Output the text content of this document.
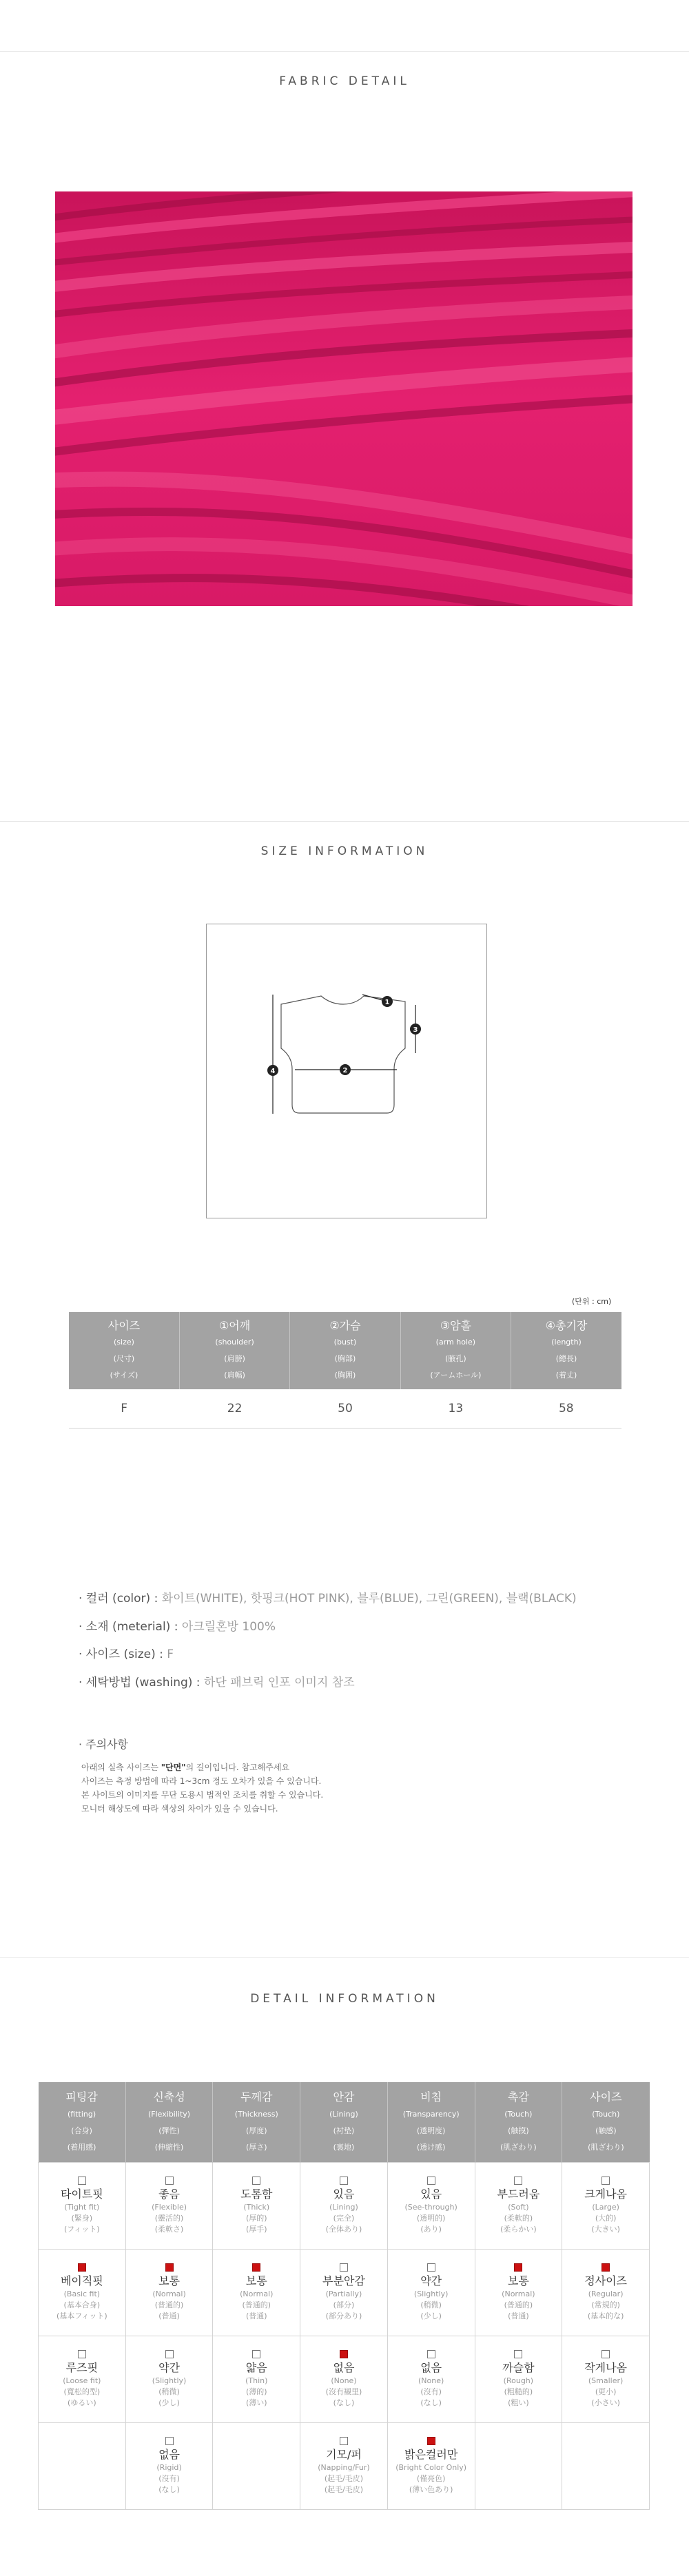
FABRIC DETAIL
SIZE INFORMATION
1
2
3
4
(단위 : cm)
사이즈
(size)
(尺寸)
(サイズ)	①어깨
(shoulder)
(肩膀)
(肩幅)	②가슴
(bust)
(胸部)
(胸囲)	③암홀
(arm hole)
(腋孔)
(アームホール)	④총기장
(length)
(總長)
(着丈)

F	22	50	13	58
· 컬러 (color) : 화이트(WHITE), 핫핑크(HOT PINK), 블루(BLUE), 그린(GREEN), 블랙(BLACK)
· 소재 (meterial) : 아크릴혼방 100%
· 사이즈 (size) : F
· 세탁방법 (washing) : 하단 패브릭 인포 이미지 참조
· 주의사항
아래의 실측 사이즈는 "단면"의 길이입니다. 참고해주세요
사이즈는 측정 방법에 따라 1~3cm 정도 오차가 있을 수 있습니다.
본 사이트의 이미지를 무단 도용시 법적인 조치를 취할 수 있습니다.
모니터 해상도에 따라 색상의 차이가 있을 수 있습니다.
DETAIL INFORMATION
피팅감
(fitting)
(合身)
(着用感)	신축성
(Flexibility)
(彈性)
(伸縮性)	두께감
(Thickness)
(厚度)
(厚さ)	안감
(Lining)
(衬垫)
(裏地)	비침
(Transparency)
(透明度)
(透け感)	촉감
(Touch)
(触摸)
(肌ざわり)	사이즈
(Touch)
(触感)
(肌ざわり)

타이트핏
(Tight fit)
(緊身)
(フィット)	좋음
(Flexible)
(靈活的)
(柔軟さ)	도톰함
(Thick)
(厚的)
(厚手)	있음
(Lining)
(完全)
(全体あり)	있음
(See-through)
(透明的)
(あり)	부드러움
(Soft)
(柔軟的)
(柔らかい)	크게나옴
(Large)
(大的)
(大きい)

베이직핏
(Basic fit)
(基本合身)
(基本フィット)	보통
(Normal)
(普通的)
(普通)	보통
(Normal)
(普通的)
(普通)	부분안감
(Partially)
(部分)
(部分あり)	약간
(Slightly)
(稍微)
(少し)	보통
(Normal)
(普通的)
(普通)	정사이즈
(Regular)
(常規的)
(基本的な)

루즈핏
(Loose fit)
(寬松的型)
(ゆるい)	약간
(Slightly)
(稍微)
(少し)	얇음
(Thin)
(薄的)
(薄い)	없음
(None)
(沒有襯里)
(なし)	없음
(None)
(沒有)
(なし)	까슬함
(Rough)
(粗糙的)
(粗い)	작게나옴
(Smaller)
(更小)
(小さい)

	없음
(Rigid)
(沒有)
(なし)		기모/퍼
(Napping/Fur)
(起毛/毛皮)
(起毛/毛皮)	밝은컬러만
(Bright Color Only)
(僅亮色)
(薄い色あり)		
